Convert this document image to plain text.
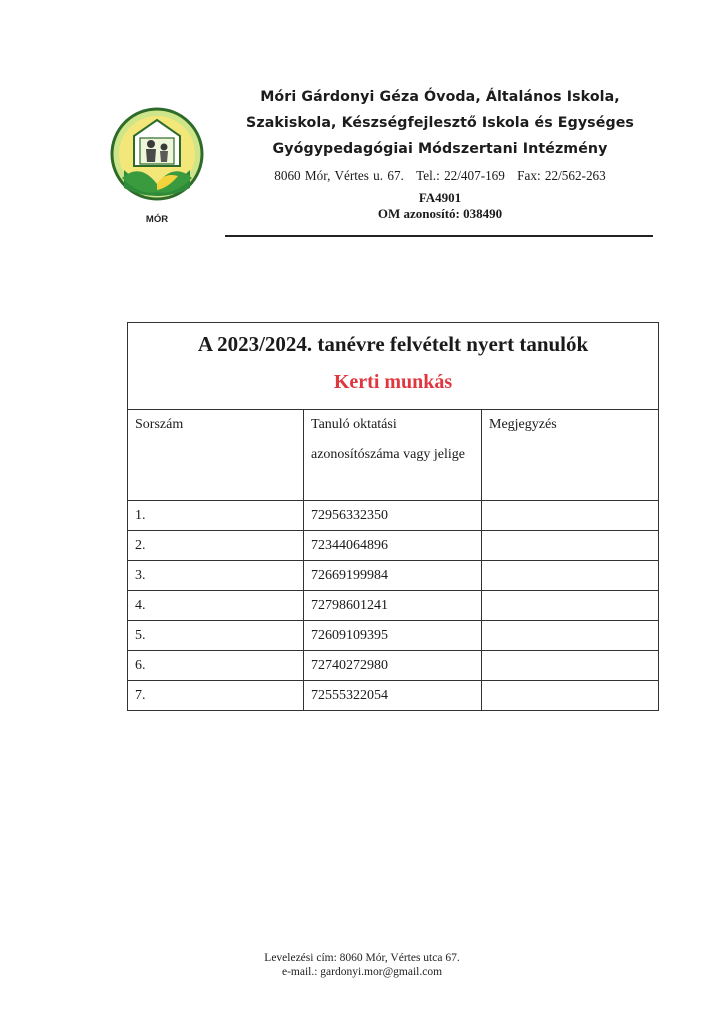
MÓR
Móri Gárdonyi Géza Óvoda, Általános Iskola,
Szakiskola, Készségfejlesztő Iskola és Egységes
Gyógypedagógiai Módszertani Intézmény
8060 Mór, Vértes u. 67. Tel.: 22/407-169 Fax: 22/562-263
FA4901
OM azonosító: 038490
A 2023/2024. tanévre felvételt nyert tanulók
Kerti munkás		

Sorszám	Tanuló oktatási azonosítószáma vagy jelige	Megjegyzés
1.	72956332350	
2.	72344064896	
3.	72669199984	
4.	72798601241	
5.	72609109395	
6.	72740272980	
7.	72555322054	
Levelezési cím: 8060 Mór, Vértes utca 67.
e-mail.: gardonyi.mor@gmail.com
